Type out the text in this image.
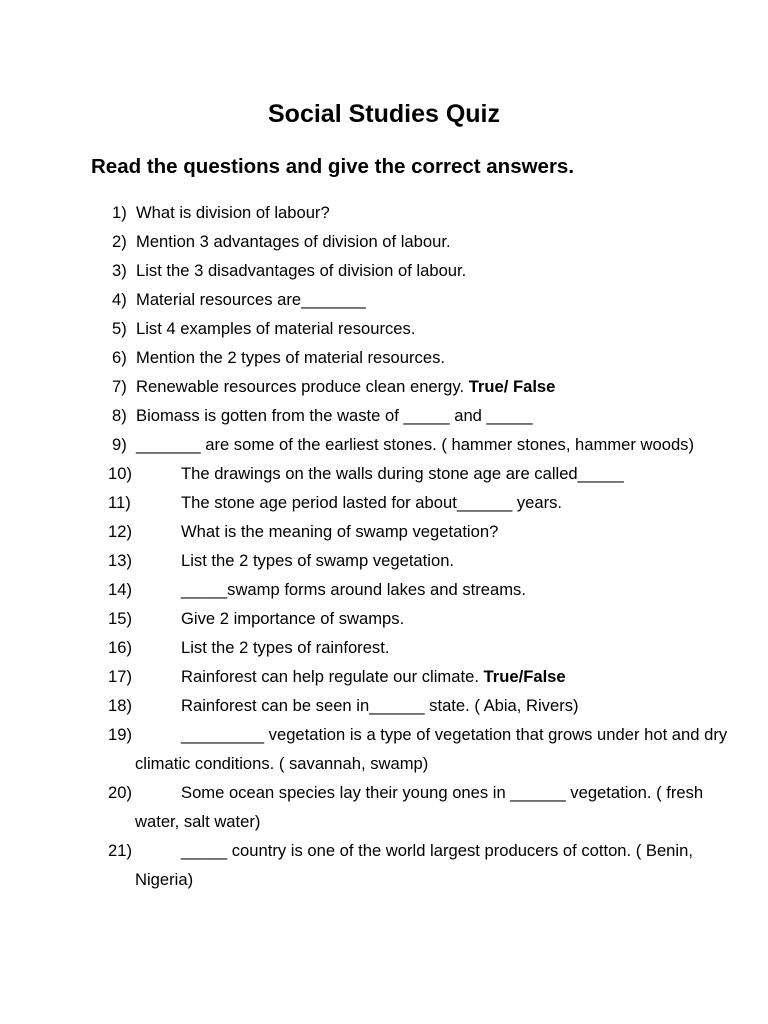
Social Studies Quiz
Read the questions and give the correct answers.
1) What is division of labour?
2) Mention 3 advantages of division of labour.
3) List the 3 disadvantages of division of labour.
4) Material resources are_______
5) List 4 examples of material resources.
6) Mention the 2 types of material resources.
7) Renewable resources produce clean energy. True/ False
8) Biomass is gotten from the waste of _____ and _____
9) _______ are some of the earliest stones. ( hammer stones, hammer woods)
10)	The drawings on the walls during stone age are called_____
11)	The stone age period lasted for about______ years.
12)	What is the meaning of swamp vegetation?
13)	List the 2 types of swamp vegetation.
14)	_____swamp forms around lakes and streams.
15)	Give 2 importance of swamps.
16)	List the 2 types of rainforest.
17)	Rainforest can help regulate our climate. True/False
18)	Rainforest can be seen in______ state. ( Abia, Rivers)
19)	_________ vegetation is a type of vegetation that grows under hot and dry climatic conditions. ( savannah, swamp)
20)	Some ocean species lay their young ones in ______ vegetation. ( fresh water, salt water)
21)	_____ country is one of the world largest producers of cotton. ( Benin, Nigeria)
